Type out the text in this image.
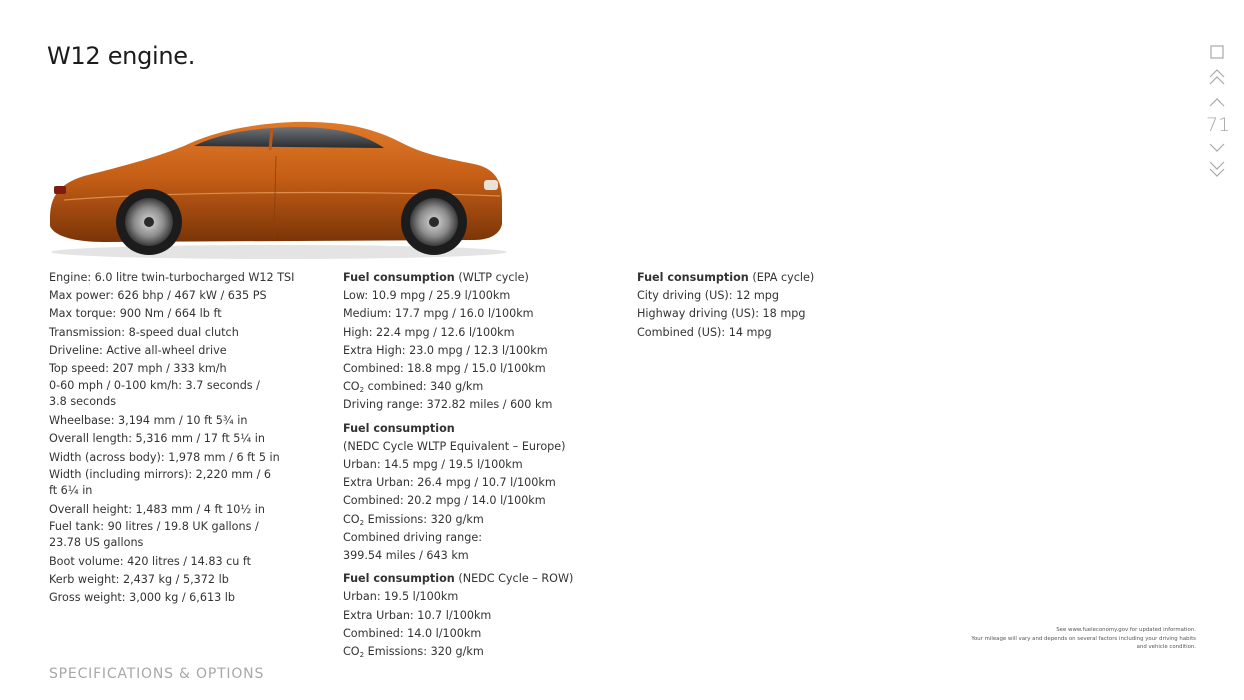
W12 engine.
Engine: 6.0 litre twin-turbocharged W12 TSI
Max power: 626 bhp / 467 kW / 635 PS
Max torque: 900 Nm / 664 lb ft
Transmission: 8-speed dual clutch
Driveline: Active all-wheel drive
Top speed: 207 mph / 333 km/h
0-60 mph / 0-100 km/h: 3.7 seconds / 3.8 seconds
Wheelbase: 3,194 mm / 10 ft 5¾ in
Overall length: 5,316 mm / 17 ft 5¼ in
Width (across body): 1,978 mm / 6 ft 5 in
Width (including mirrors): 2,220 mm / 6 ft 6¼ in
Overall height: 1,483 mm / 4 ft 10½ in
Fuel tank: 90 litres / 19.8 UK gallons / 23.78 US gallons
Boot volume: 420 litres / 14.83 cu ft
Kerb weight: 2,437 kg / 5,372 lb
Gross weight: 3,000 kg / 6,613 lb
Fuel consumption (WLTP cycle)
Low: 10.9 mpg / 25.9 l/100km
Medium: 17.7 mpg / 16.0 l/100km
High: 22.4 mpg / 12.6 l/100km
Extra High: 23.0 mpg / 12.3 l/100km
Combined: 18.8 mpg / 15.0 l/100km
$CO_2$ combined: 340 g/km
Driving range: 372.82 miles / 600 km
Fuel consumption
(NEDC Cycle WLTP Equivalent – Europe)
Urban: 14.5 mpg / 19.5 l/100km
Extra Urban: 26.4 mpg / 10.7 l/100km
Combined: 20.2 mpg / 14.0 l/100km
$CO_2$ Emissions: 320 g/km
Combined driving range:
399.54 miles / 643 km
Fuel consumption (NEDC Cycle – ROW)
Urban: 19.5 l/100km
Extra Urban: 10.7 l/100km
Combined: 14.0 l/100km
$CO_2$ Emissions: 320 g/km
Fuel consumption (EPA cycle)
City driving (US): 12 mpg
Highway driving (US): 18 mpg
Combined (US): 14 mpg
See www.fueleconomy.gov for updated information.
Your mileage will vary and depends on several factors including your driving habits
and vehicle condition.
SPECIFICATIONS & OPTIONS
71
